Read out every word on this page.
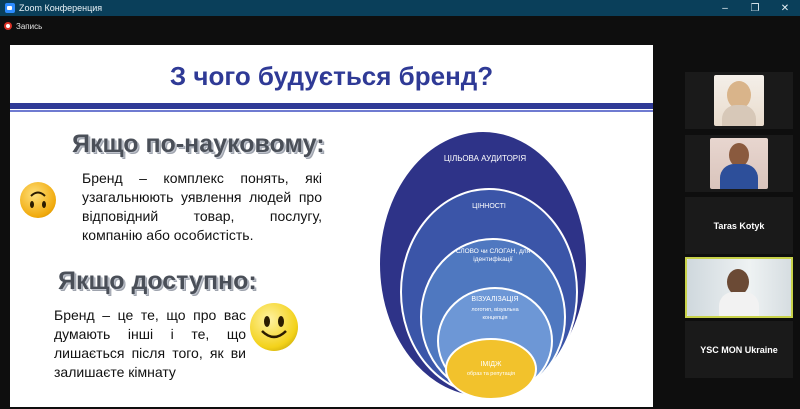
Zoom Конференция	–	❐	✕
Запись
З чого будується бренд?
Якщо по-науковому:
Бренд – комплекс понять, які узагальнюють уявлення людей про відповідний товар, послугу, компанію або особистість.
Якщо доступно:
Бренд – це те, що про вас думають інші і те, що лишається після того, як ви залишаєте кімнату
ЦІЛЬОВА АУДИТОРІЯ
ЦІННОСТІ
СЛОВО чи СЛОГАН, для
ідентифікації
ВІЗУАЛІЗАЦІЯ
логотип, візуальна
концепція
ІМІДЖ
образ та репутація
Taras Kotyk
YSC MON Ukraine
